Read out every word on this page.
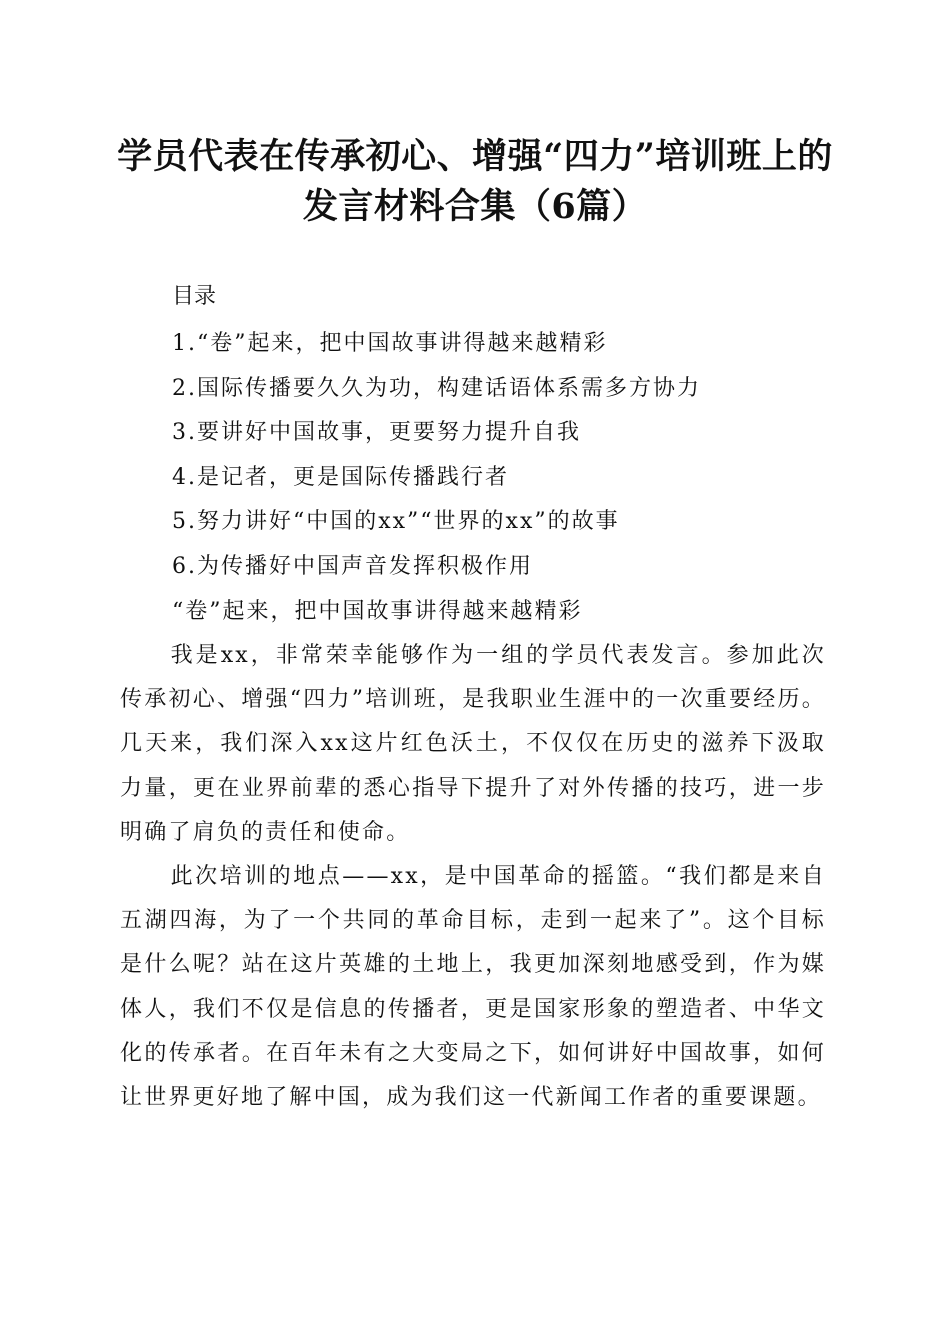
学员代表在传承初心、增强“四力”培训班上的发言材料合集（6篇）
目录
1.“卷”起来，把中国故事讲得越来越精彩
2.国际传播要久久为功，构建话语体系需多方协力
3.要讲好中国故事，更要努力提升自我
4.是记者，更是国际传播践行者
5.努力讲好“中国的xx”“世界的xx”的故事
6.为传播好中国声音发挥积极作用
“卷”起来，把中国故事讲得越来越精彩

我是xx，非常荣幸能够作为一组的学员代表发言。参加此次传承初心、增强“四力”培训班，是我职业生涯中的一次重要经历。几天来，我们深入xx这片红色沃土，不仅仅在历史的滋养下汲取力量，更在业界前辈的悉心指导下提升了对外传播的技巧，进一步明确了肩负的责任和使命。

此次培训的地点——xx，是中国革命的摇篮。“我们都是来自五湖四海，为了一个共同的革命目标，走到一起来了”。这个目标是什么呢？站在这片英雄的土地上，我更加深刻地感受到，作为媒体人，我们不仅是信息的传播者，更是国家形象的塑造者、中华文化的传承者。在百年未有之大变局之下，如何讲好中国故事，如何让世界更好地了解中国，成为我们这一代新闻工作者的重要课题。
